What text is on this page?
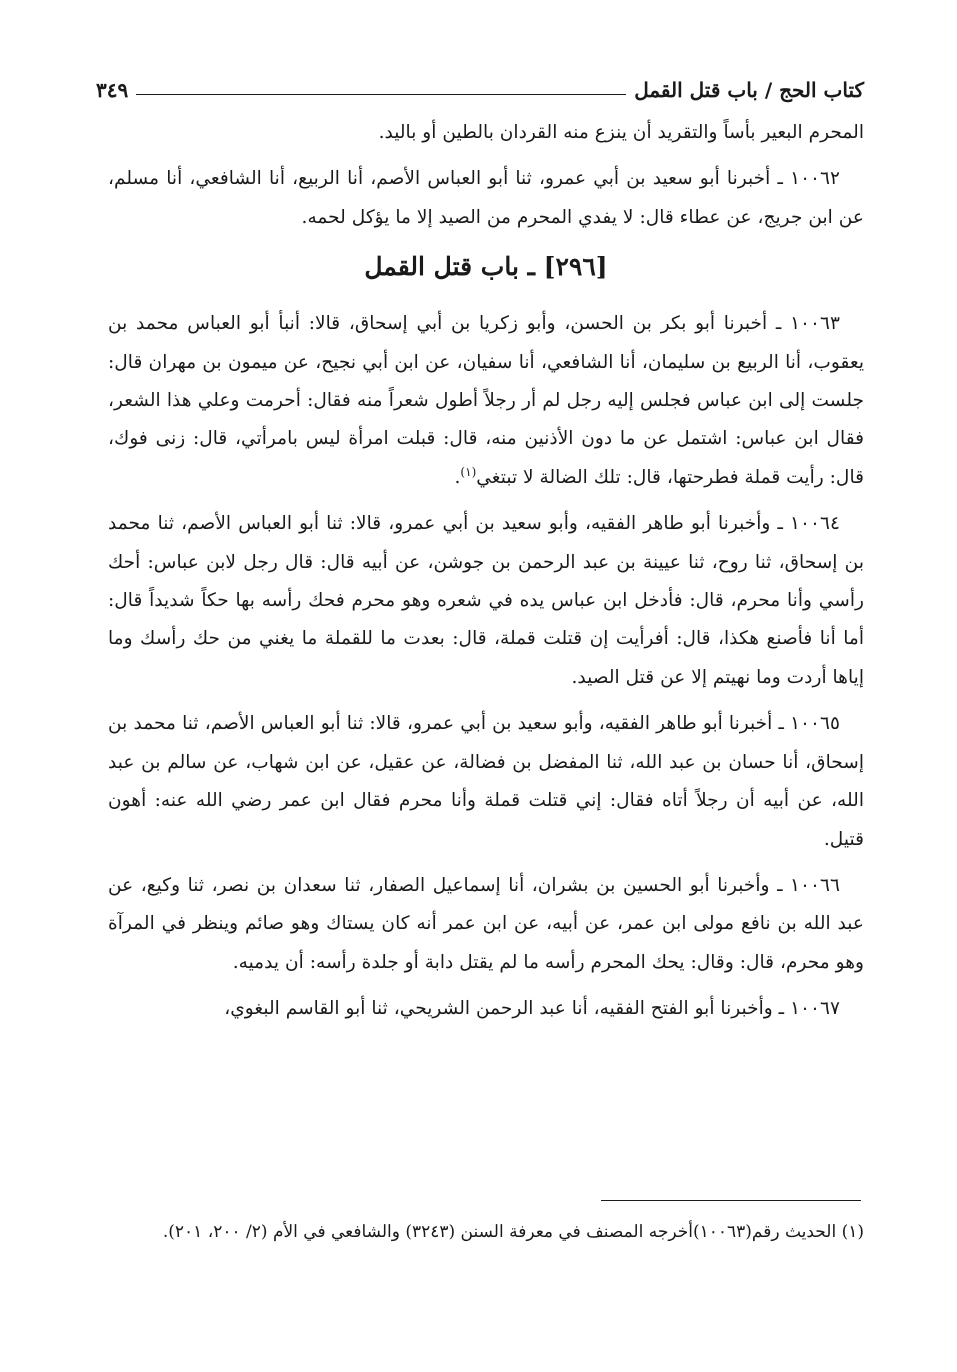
كتاب الحج / باب قتل القمل
٣٤٩

المحرم البعير بأساً والتقريد أن ينزع منه القردان بالطين أو باليد.

١٠٠٦٢ ـ أخبرنا أبو سعيد بن أبي عمرو، ثنا أبو العباس الأصم، أنا الربيع، أنا الشافعي، أنا مسلم، عن ابن جريج، عن عطاء قال: لا يفدي المحرم من الصيد إلا ما يؤكل لحمه.

[٢٩٦] ـ باب قتل القمل

١٠٠٦٣ ـ أخبرنا أبو بكر بن الحسن، وأبو زكريا بن أبي إسحاق، قالا: أنبأ أبو العباس محمد بن يعقوب، أنا الربيع بن سليمان، أنا الشافعي، أنا سفيان، عن ابن أبي نجيح، عن ميمون بن مهران قال: جلست إلى ابن عباس فجلس إليه رجل لم أر رجلاً أطول شعراً منه فقال: أحرمت وعلي هذا الشعر، فقال ابن عباس: اشتمل عن ما دون الأذنين منه، قال: قبلت امرأة ليس بامرأتي، قال: زنى فوك، قال: رأيت قملة فطرحتها، قال: تلك الضالة لا تبتغي$^{(١)}$.

١٠٠٦٤ ـ وأخبرنا أبو طاهر الفقيه، وأبو سعيد بن أبي عمرو، قالا: ثنا أبو العباس الأصم، ثنا محمد بن إسحاق، ثنا روح، ثنا عيينة بن عبد الرحمن بن جوشن، عن أبيه قال: قال رجل لابن عباس: أحك رأسي وأنا محرم، قال: فأدخل ابن عباس يده في شعره وهو محرم فحك رأسه بها حكاً شديداً قال: أما أنا فأصنع هكذا، قال: أفرأيت إن قتلت قملة، قال: بعدت ما للقملة ما يغني من حك رأسك وما إياها أردت وما نهيتم إلا عن قتل الصيد.

١٠٠٦٥ ـ أخبرنا أبو طاهر الفقيه، وأبو سعيد بن أبي عمرو، قالا: ثنا أبو العباس الأصم، ثنا محمد بن إسحاق، أنا حسان بن عبد الله، ثنا المفضل بن فضالة، عن عقيل، عن ابن شهاب، عن سالم بن عبد الله، عن أبيه أن رجلاً أتاه فقال: إني قتلت قملة وأنا محرم فقال ابن عمر رضي الله عنه: أهون قتيل.

١٠٠٦٦ ـ وأخبرنا أبو الحسين بن بشران، أنا إسماعيل الصفار، ثنا سعدان بن نصر، ثنا وكيع، عن عبد الله بن نافع مولى ابن عمر، عن أبيه، عن ابن عمر أنه كان يستاك وهو صائم وينظر في المرآة وهو محرم، قال: وقال: يحك المحرم رأسه ما لم يقتل دابة أو جلدة رأسه: أن يدميه.

١٠٠٦٧ ـ وأخبرنا أبو الفتح الفقيه، أنا عبد الرحمن الشريحي، ثنا أبو القاسم البغوي،

(١) الحديث رقم(١٠٠٦٣)أخرجه المصنف في معرفة السنن (٣٢٤٣) والشافعي في الأم (٢/ ٢٠٠، ٢٠١).
